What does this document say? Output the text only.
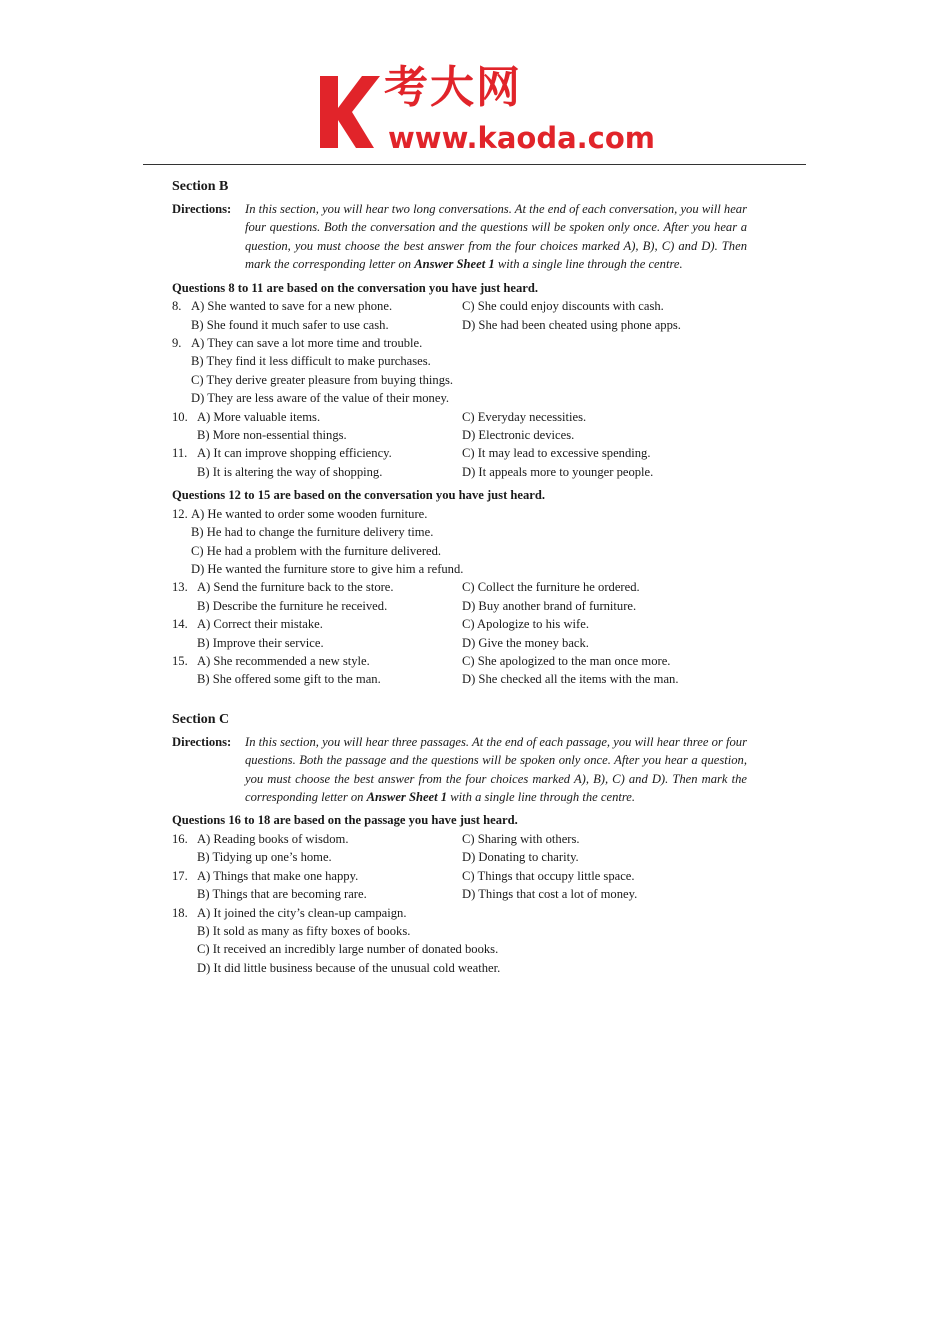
考大网
www.kaoda.com
Section B
Directions:	In this section, you will hear two long conversations. At the end of each conversation, you will hear four questions. Both the conversation and the questions will be spoken only once. After you hear a question, you must choose the best answer from the four choices marked A), B), C) and D). Then mark the corresponding letter on Answer Sheet 1 with a single line through the centre.
Questions 8 to 11 are based on the conversation you have just heard.
8. A) She wanted to save for a new phone.	C) She could enjoy discounts with cash.
B) She found it much safer to use cash.	D) She had been cheated using phone apps.
9. A) They can save a lot more time and trouble.
B) They find it less difficult to make purchases.
C) They derive greater pleasure from buying things.
D) They are less aware of the value of their money.
10. A) More valuable items.	C) Everyday necessities.
B) More non-essential things.	D) Electronic devices.
11. A) It can improve shopping efficiency.	C) It may lead to excessive spending.
B) It is altering the way of shopping.	D) It appeals more to younger people.
Questions 12 to 15 are based on the conversation you have just heard.
12. A) He wanted to order some wooden furniture.
B) He had to change the furniture delivery time.
C) He had a problem with the furniture delivered.
D) He wanted the furniture store to give him a refund.
13. A) Send the furniture back to the store.	C) Collect the furniture he ordered.
B) Describe the furniture he received.	D) Buy another brand of furniture.
14. A) Correct their mistake.	C) Apologize to his wife.
B) Improve their service.	D) Give the money back.
15. A) She recommended a new style.	C) She apologized to the man once more.
B) She offered some gift to the man.	D) She checked all the items with the man.
Section C
Directions:	In this section, you will hear three passages. At the end of each passage, you will hear three or four questions. Both the passage and the questions will be spoken only once. After you hear a question, you must choose the best answer from the four choices marked A), B), C) and D). Then mark the corresponding letter on Answer Sheet 1 with a single line through the centre.
Questions 16 to 18 are based on the passage you have just heard.
16. A) Reading books of wisdom.	C) Sharing with others.
B) Tidying up one’s home.	D) Donating to charity.
17. A) Things that make one happy.	C) Things that occupy little space.
B) Things that are becoming rare.	D) Things that cost a lot of money.
18. A) It joined the city’s clean-up campaign.
B) It sold as many as fifty boxes of books.
C) It received an incredibly large number of donated books.
D) It did little business because of the unusual cold weather.
